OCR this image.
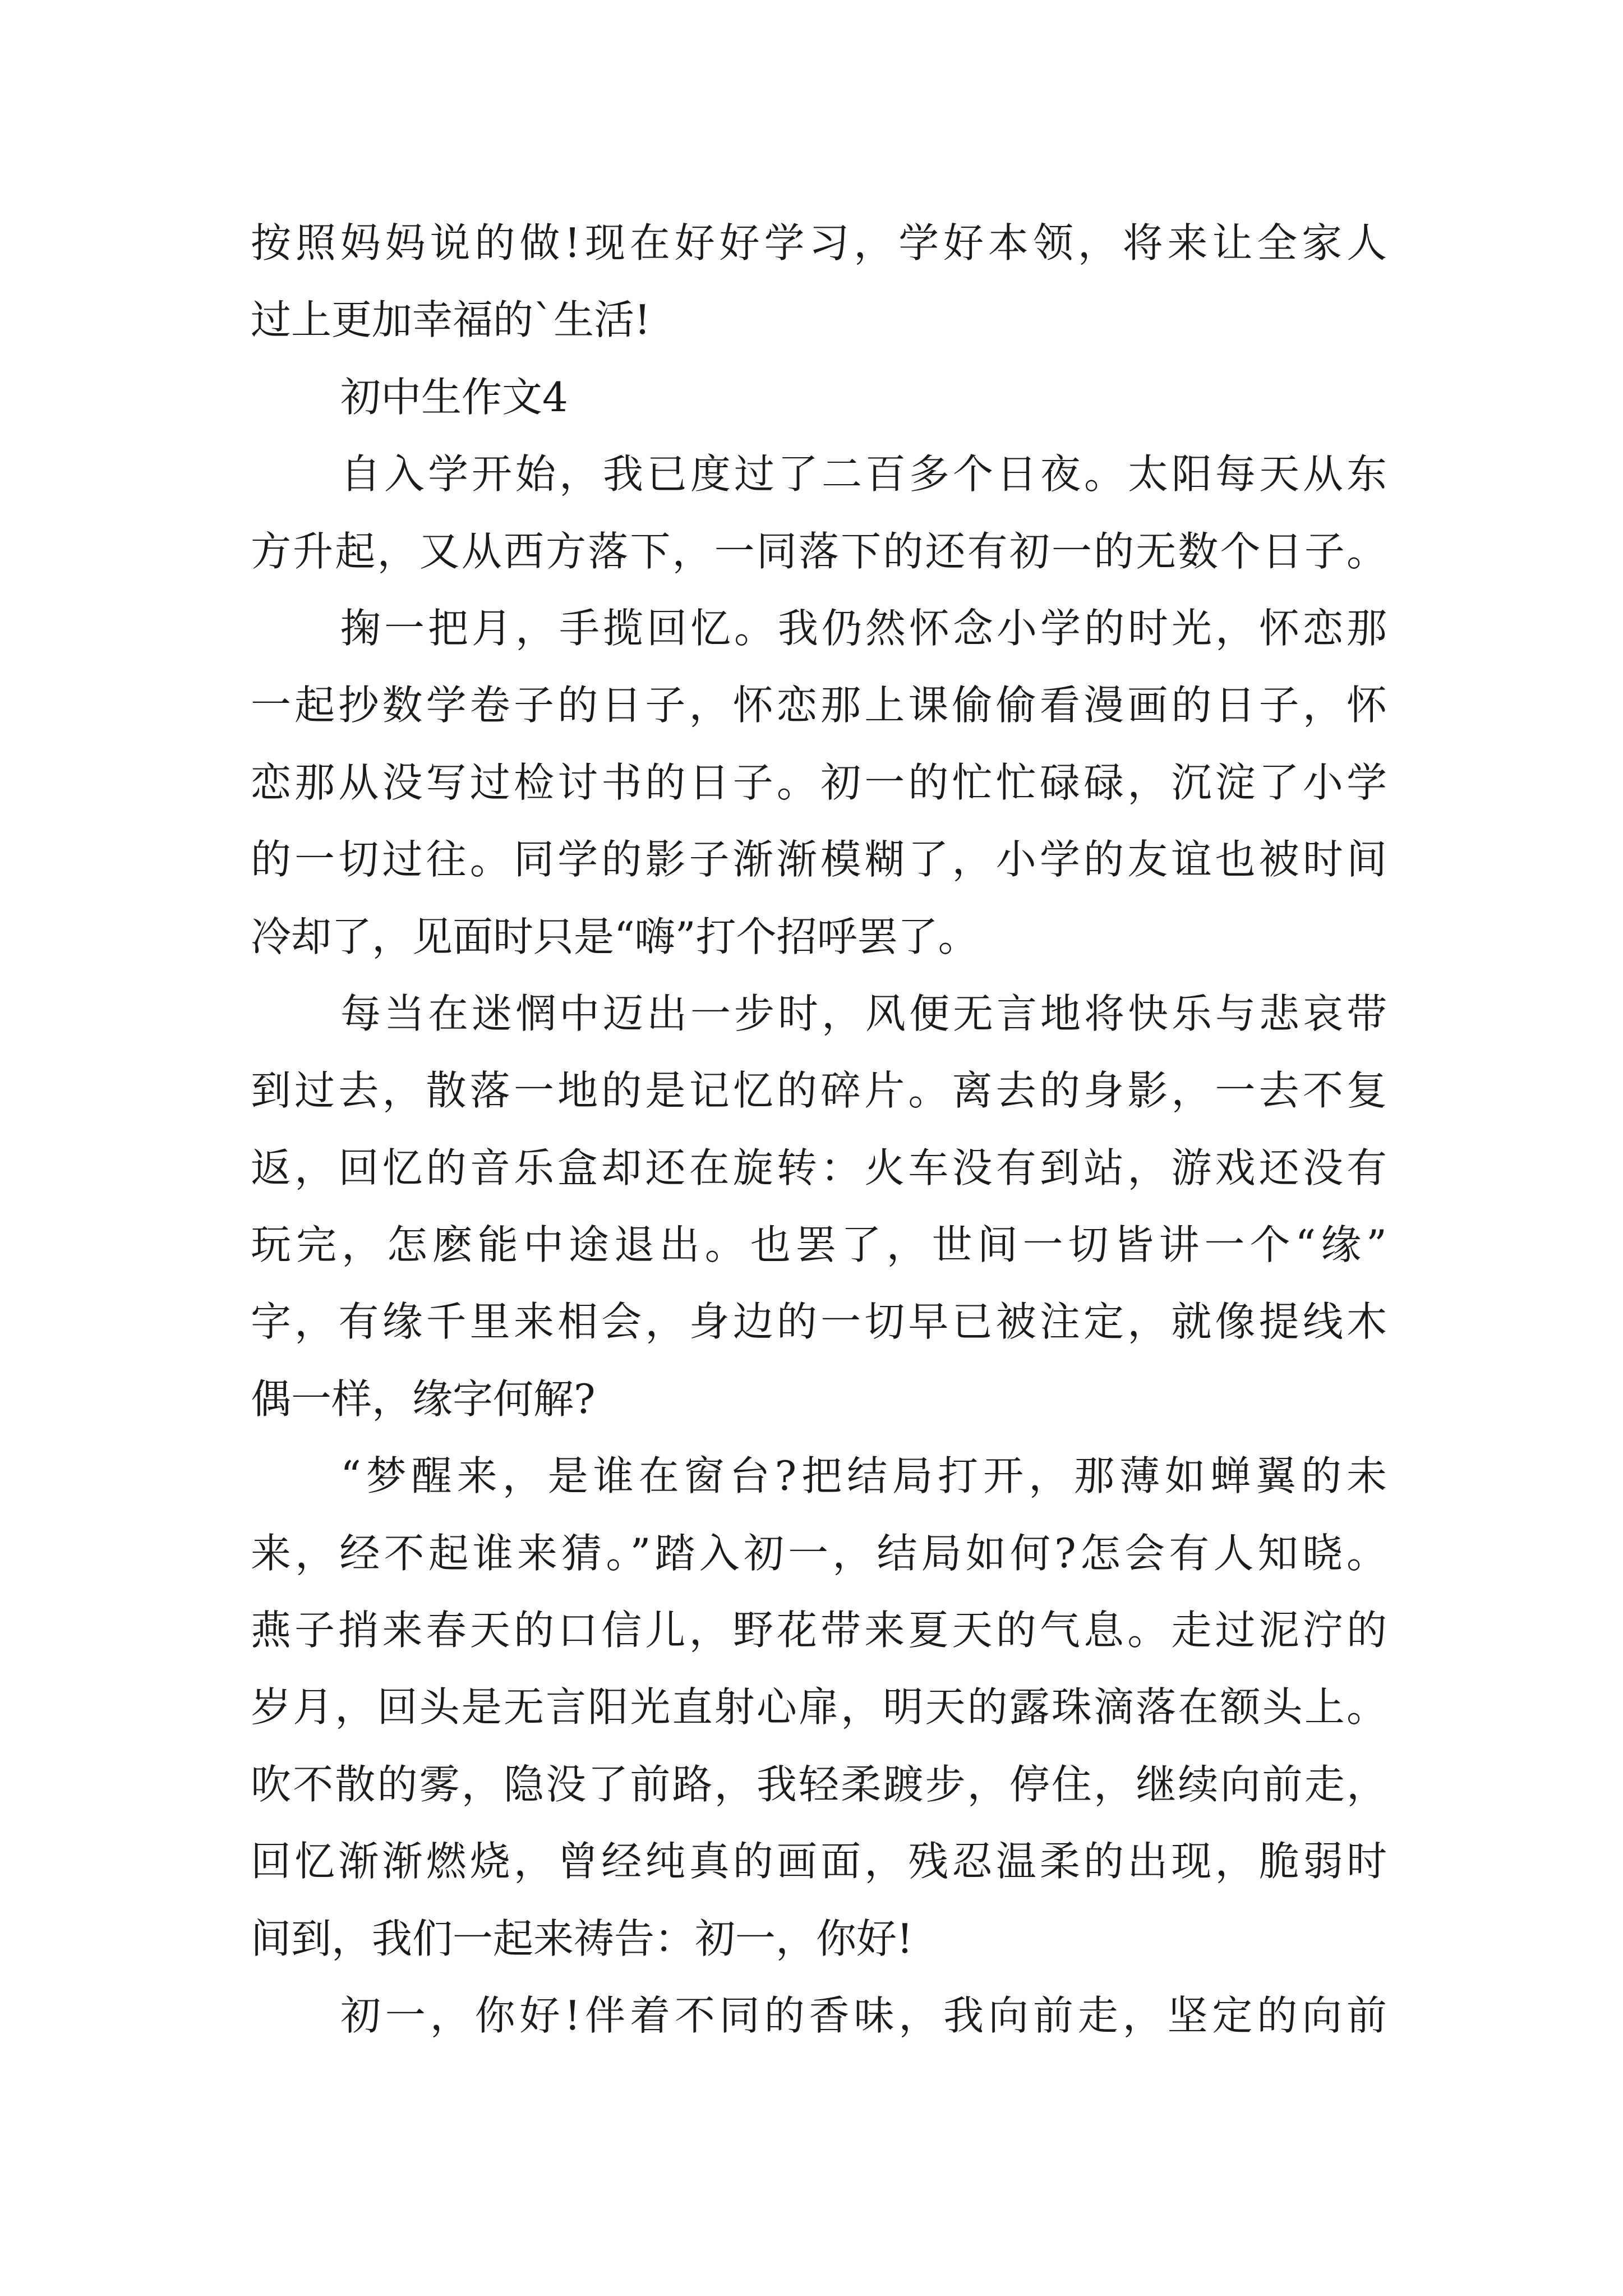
按照妈妈说的做!现在好好学习，学好本领，将来让全家人
过上更加幸福的`生活!
初中生作文4
自入学开始，我已度过了二百多个日夜。太阳每天从东
方升起，又从西方落下，一同落下的还有初一的无数个日子。
掬一把月，手揽回忆。我仍然怀念小学的时光，怀恋那
一起抄数学卷子的日子，怀恋那上课偷偷看漫画的日子，怀
恋那从没写过检讨书的日子。初一的忙忙碌碌，沉淀了小学
的一切过往。同学的影子渐渐模糊了，小学的友谊也被时间
冷却了，见面时只是“嗨”打个招呼罢了。
每当在迷惘中迈出一步时，风便无言地将快乐与悲哀带
到过去，散落一地的是记忆的碎片。离去的身影，一去不复
返，回忆的音乐盒却还在旋转：火车没有到站，游戏还没有
玩完，怎麽能中途退出。也罢了，世间一切皆讲一个“缘”
字，有缘千里来相会，身边的一切早已被注定，就像提线木
偶一样，缘字何解?
“梦醒来，是谁在窗台?把结局打开，那薄如蝉翼的未
来，经不起谁来猜。”踏入初一，结局如何?怎会有人知晓。
燕子捎来春天的口信儿，野花带来夏天的气息。走过泥泞的
岁月，回头是无言阳光直射心扉，明天的露珠滴落在额头上。
吹不散的雾，隐没了前路，我轻柔踱步，停住，继续向前走，
回忆渐渐燃烧，曾经纯真的画面，残忍温柔的出现，脆弱时
间到，我们一起来祷告：初一，你好!
初一，你好!伴着不同的香味，我向前走，坚定的向前
